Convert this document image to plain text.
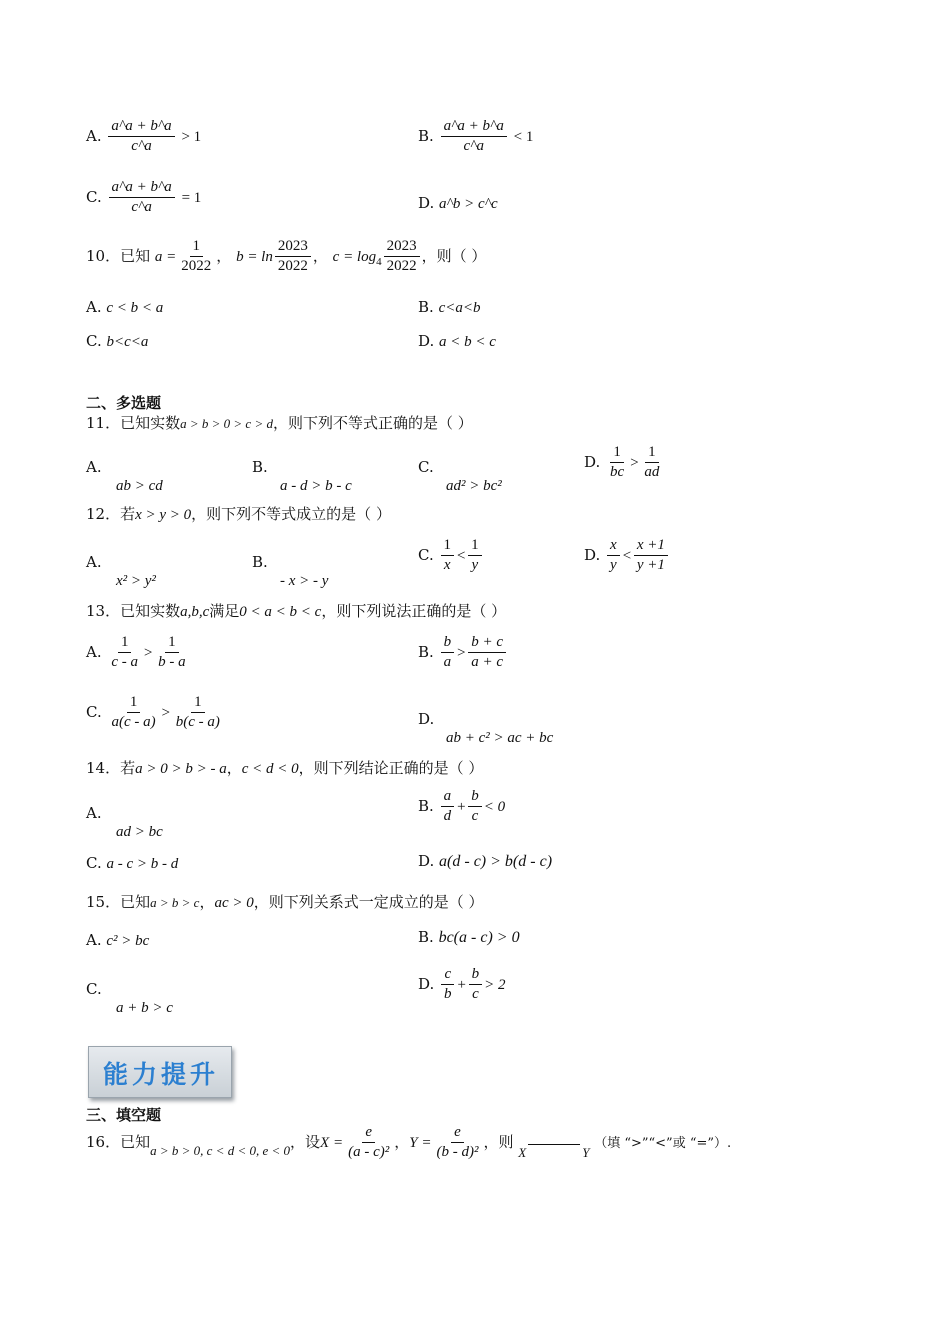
A. $\frac{a\^{}a + b\^{}a}{c\^{}a} > 1$	B. $\frac{a\^{}a + b\^{}a}{c\^{}a} < 1$
C. $\frac{a\^{}a + b\^{}a}{c\^{}a} = 1$	D. a^b > c^c
10．已知 $a = \frac{1}{2022}$ ， $b = \ln \frac{2023}{2022}$ ， $c = \log_4 \frac{2023}{2022}$ ，则（ ）
A. c < b < a	B. c<a<b
C. b<c<a	D. a < b < c
二、多选题
11．已知实数a > b > 0 > c > d，则下列不等式正确的是（ ）
A.
ab > cd
B.
a - d > b - c
C.
ad² > bc²
D. $\frac{1}{bc} > \frac{1}{ad}$
12．若x > y > 0，则下列不等式成立的是（ ）
A.
x² > y²
B.
- x > - y
C. $\frac{1}{x} < \frac{1}{y}$	D. $\frac{x}{y} < \frac{x +1}{y +1}$
13．已知实数a,b,c满足0 < a < b < c，则下列说法正确的是（ ）
A. $\frac{1}{c - a} > \frac{1}{b - a}$	B. $\frac{b}{a} > \frac{b + c}{a + c}$
C. $\frac{1}{a(c - a)} > \frac{1}{b(c - a)}$	D.
ab + c² > ac + bc
14．若a > 0 > b > - a，c < d < 0，则下列结论正确的是（ ）
A.
ad > bc
B. $\frac{a}{d} + \frac{b}{c} < 0$
C. a - c > b - d	D. a(d - c) > b(d - c)
15．已知a > b > c，ac > 0，则下列关系式一定成立的是（ ）
A. c² > bc	B. bc(a - c) > 0
C.
a + b > c
D. $\frac{c}{b} + \frac{b}{c} > 2$
能力提升
三、填空题
16．已知a > b > 0, c < d < 0, e < 0，设$X = \frac{e}{\text{(a - c)²}}$ ，$Y = \frac{e}{\text{(b - d)²}}$ ，则 X	Y （填 “>”“<”或 “=”）.
